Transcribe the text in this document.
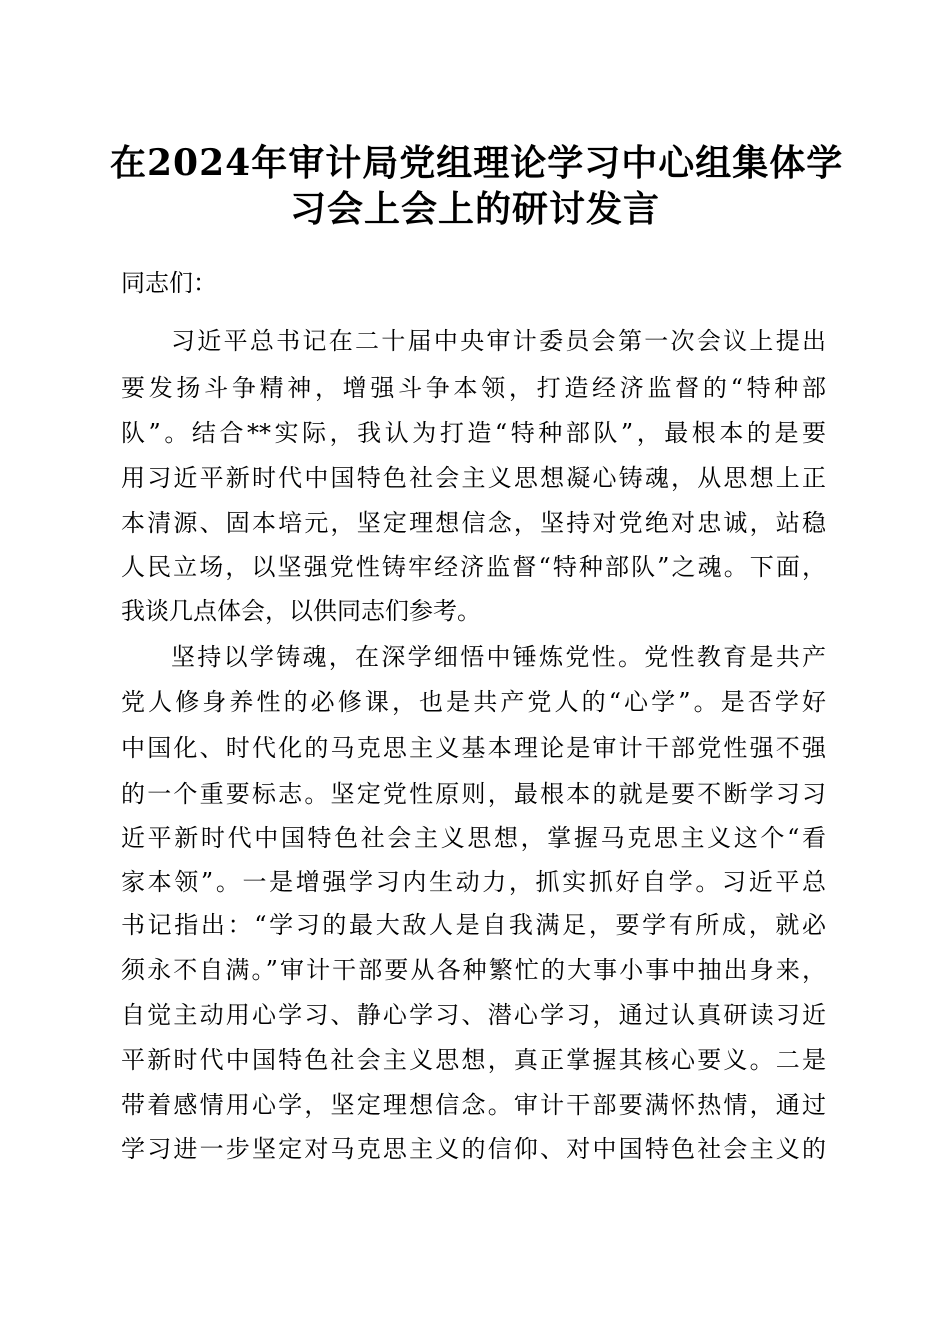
在2024年审计局党组理论学习中心组集体学
习会上会上的研讨发言
同志们：
习近平总书记在二十届中央审计委员会第一次会议上提出
要发扬斗争精神，增强斗争本领，打造经济监督的“特种部
队”。结合**实际，我认为打造“特种部队”，最根本的是要
用习近平新时代中国特色社会主义思想凝心铸魂，从思想上正
本清源、固本培元，坚定理想信念，坚持对党绝对忠诚，站稳
人民立场，以坚强党性铸牢经济监督“特种部队”之魂。下面，
我谈几点体会，以供同志们参考。
坚持以学铸魂，在深学细悟中锤炼党性。党性教育是共产
党人修身养性的必修课，也是共产党人的“心学”。是否学好
中国化、时代化的马克思主义基本理论是审计干部党性强不强
的一个重要标志。坚定党性原则，最根本的就是要不断学习习
近平新时代中国特色社会主义思想，掌握马克思主义这个“看
家本领”。一是增强学习内生动力，抓实抓好自学。习近平总
书记指出：“学习的最大敌人是自我满足，要学有所成，就必
须永不自满。”审计干部要从各种繁忙的大事小事中抽出身来，
自觉主动用心学习、静心学习、潜心学习，通过认真研读习近
平新时代中国特色社会主义思想，真正掌握其核心要义。二是
带着感情用心学，坚定理想信念。审计干部要满怀热情，通过
学习进一步坚定对马克思主义的信仰、对中国特色社会主义的
